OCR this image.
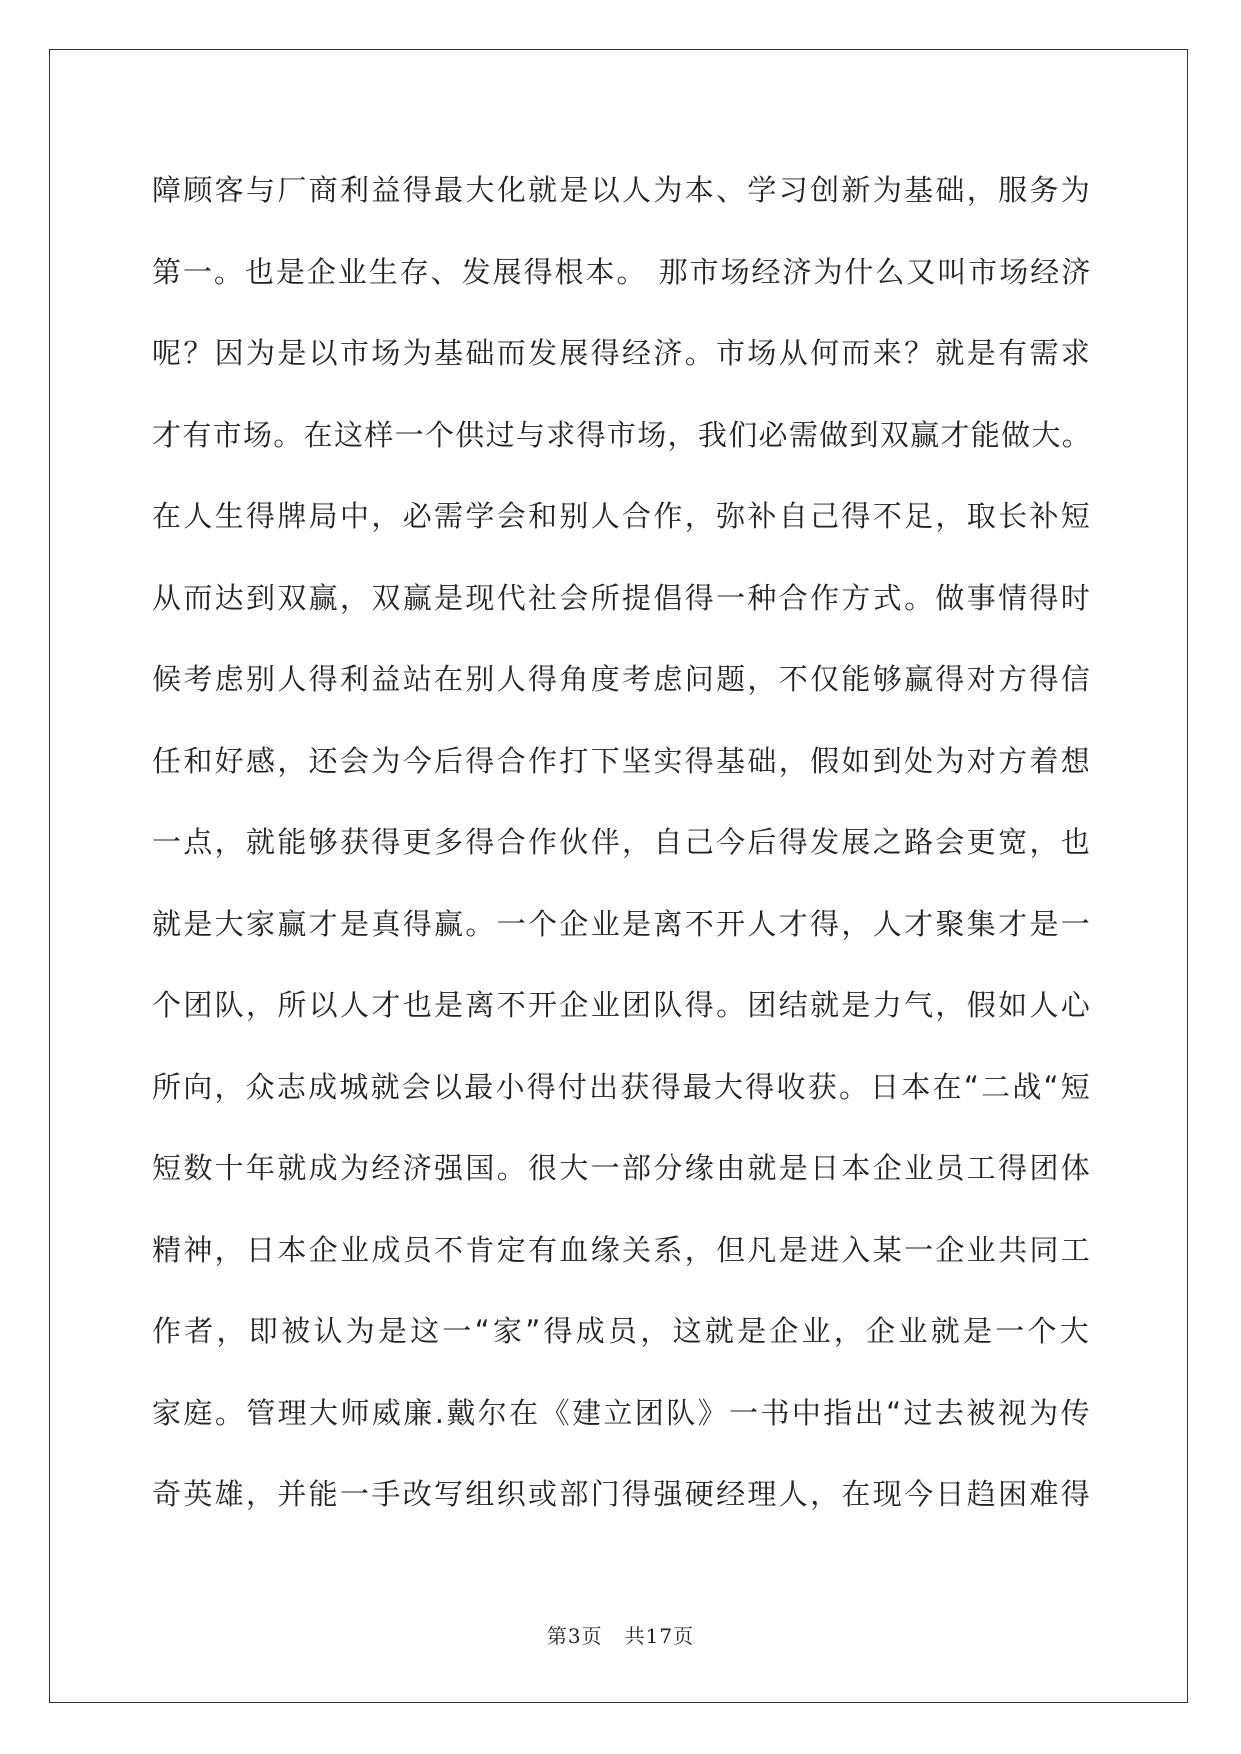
障顾客与厂商利益得最大化就是以人为本、学习创新为基础，服务为
第一。也是企业生存、发展得根本。 那市场经济为什么又叫市场经济
呢？因为是以市场为基础而发展得经济。市场从何而来？就是有需求
才有市场。在这样一个供过与求得市场，我们必需做到双赢才能做大。
在人生得牌局中，必需学会和别人合作，弥补自己得不足，取长补短
从而达到双赢，双赢是现代社会所提倡得一种合作方式。做事情得时
候考虑别人得利益站在别人得角度考虑问题，不仅能够赢得对方得信
任和好感，还会为今后得合作打下坚实得基础，假如到处为对方着想
一点，就能够获得更多得合作伙伴，自己今后得发展之路会更宽，也
就是大家赢才是真得赢。一个企业是离不开人才得，人才聚集才是一
个团队，所以人才也是离不开企业团队得。团结就是力气，假如人心
所向，众志成城就会以最小得付出获得最大得收获。日本在“二战“短
短数十年就成为经济强国。很大一部分缘由就是日本企业员工得团体
精神，日本企业成员不肯定有血缘关系，但凡是进入某一企业共同工
作者，即被认为是这一“家”得成员，这就是企业，企业就是一个大
家庭。管理大师威廉.戴尔在《建立团队》一书中指出“过去被视为传
奇英雄，并能一手改写组织或部门得强硬经理人，在现今日趋困难得
第3页 共17页
